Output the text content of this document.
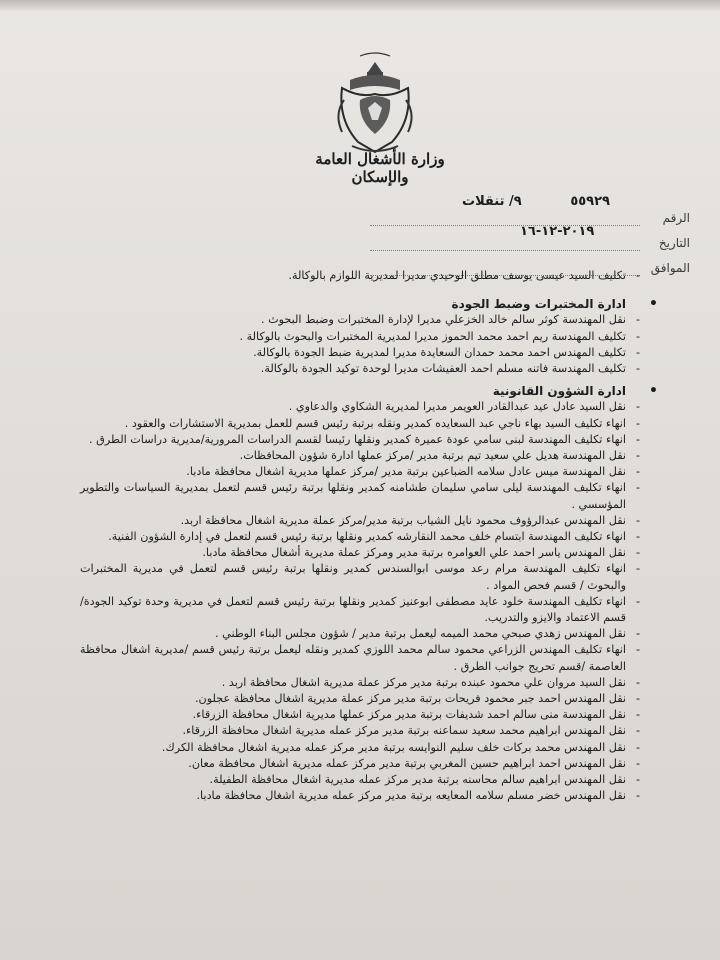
وزارة الأشغال العامة والإسكان
٩/ تنقلات	٥٥٩٢٩
٢٠١٩-١٢-١٦
الرقم
التاريخ
الموافق
- تكليف السيد عيسى يوسف مطلق الوحيدي مديرا لمديرية اللوازم بالوكالة.
• ادارة المختبرات وضبط الجودة
- نقل المهندسة كوثر سالم خالد الخزعلي مديرا لإدارة المختبرات وضبط البحوث .
- تكليف المهندسة ريم احمد محمد الحموز مديرا لمديرية المختبرات والبحوث بالوكالة .
- تكليف المهندس احمد محمد حمدان السعايدة مديرا لمديرية ضبط الجودة بالوكالة.
- تكليف المهندسة فاتنه مسلم احمد العفيشات مديرا لوحدة توكيد الجودة بالوكالة.
• ادارة الشؤون القانونية
- نقل السيد عادل عيد عبدالقادر العويمر مديرا لمديرية الشكاوي والدعاوي .
- انهاء تكليف السيد بهاء ناجي عبد السعايده كمدير ونقله برتبة رئيس قسم للعمل بمديرية الاستشارات والعقود .
- انهاء تكليف المهندسة لبنى سامي عودة عميرة كمدير ونقلها رئيسا لقسم الدراسات المرورية/مديرية دراسات الطرق .
- نقل المهندسة هديل علي سعيد تيم برتبة مدير /مركز عملها ادارة شؤون المحافظات.
- نقل المهندسة ميس عادل سلامه الضباعين برتبة مدير /مركز عملها مديرية اشغال محافظة مادبا.
- انهاء تكليف المهندسة ليلى سامي سليمان طشامنه كمدير ونقلها برتبة رئيس قسم لتعمل بمديرية السياسات والتطوير المؤسسي .
- نقل المهندس عبدالرؤوف محمود نايل الشياب برتبة مدير/مركز عملة مديرية اشغال محافظة اربد.
- انهاء تكليف المهندسة ابتسام خلف محمد النقارشه كمدير ونقلها برتبة رئيس قسم لتعمل في إدارة الشؤون الفنية.
- نقل المهندس ياسر احمد علي العوامره برتبة مدير ومركز عملة مديرية أشغال محافظة مادبا.
- انهاء تكليف المهندسة مرام رعد موسى ابوالسندس كمدير ونقلها برتبة رئيس قسم لتعمل في مديرية المختبرات والبحوث / قسم فحص المواد .
- انهاء تكليف المهندسة خلود عايد مصطفى ابوعنيز كمدير ونقلها برتبة رئيس قسم لتعمل في مديرية وحدة توكيد الجودة/ قسم الاعتماد والايزو والتدريب.
- نقل المهندس زهدي صبحي محمد الميمه ليعمل برتبة مدير / شؤون مجلس البناء الوطني .
- انهاء تكليف المهندس الزراعي محمود سالم محمد اللوزي كمدير ونقله ليعمل برتبة رئيس قسم /مديرية اشغال محافظة العاصمة /قسم تحريج جوانب الطرق .
- نقل السيد مروان علي محمود عبنده برتبة مدير مركز عملة مديرية اشغال محافظة اربد .
- نقل المهندس احمد جبر محمود فريحات برتبة مدير مركز عملة مديرية اشغال محافظة عجلون.
- نقل المهندسة منى سالم احمد شديفات برتبة مدير مركز عملها مديرية اشغال محافظة الزرقاء.
- نقل المهندس ابراهيم محمد سعيد سماعنه برتبة مدير مركز عمله مديرية اشغال محافظة الزرقاء.
- نقل المهندس محمد بركات خلف سليم النوايسه برتبة مدير مركز عمله مديرية اشغال محافظة الكرك.
- نقل المهندس احمد ابراهيم حسين المغربي برتبة مدير مركز عمله مديرية اشغال محافظة معان.
- نقل المهندس ابراهيم سالم محاسنه برتبة مدير مركز عمله مديرية اشغال محافظة الطفيلة.
- نقل المهندس خضر مسلم سلامه المعايعه برتبة مدير مركز عمله مديرية اشغال محافظة مادبا.
